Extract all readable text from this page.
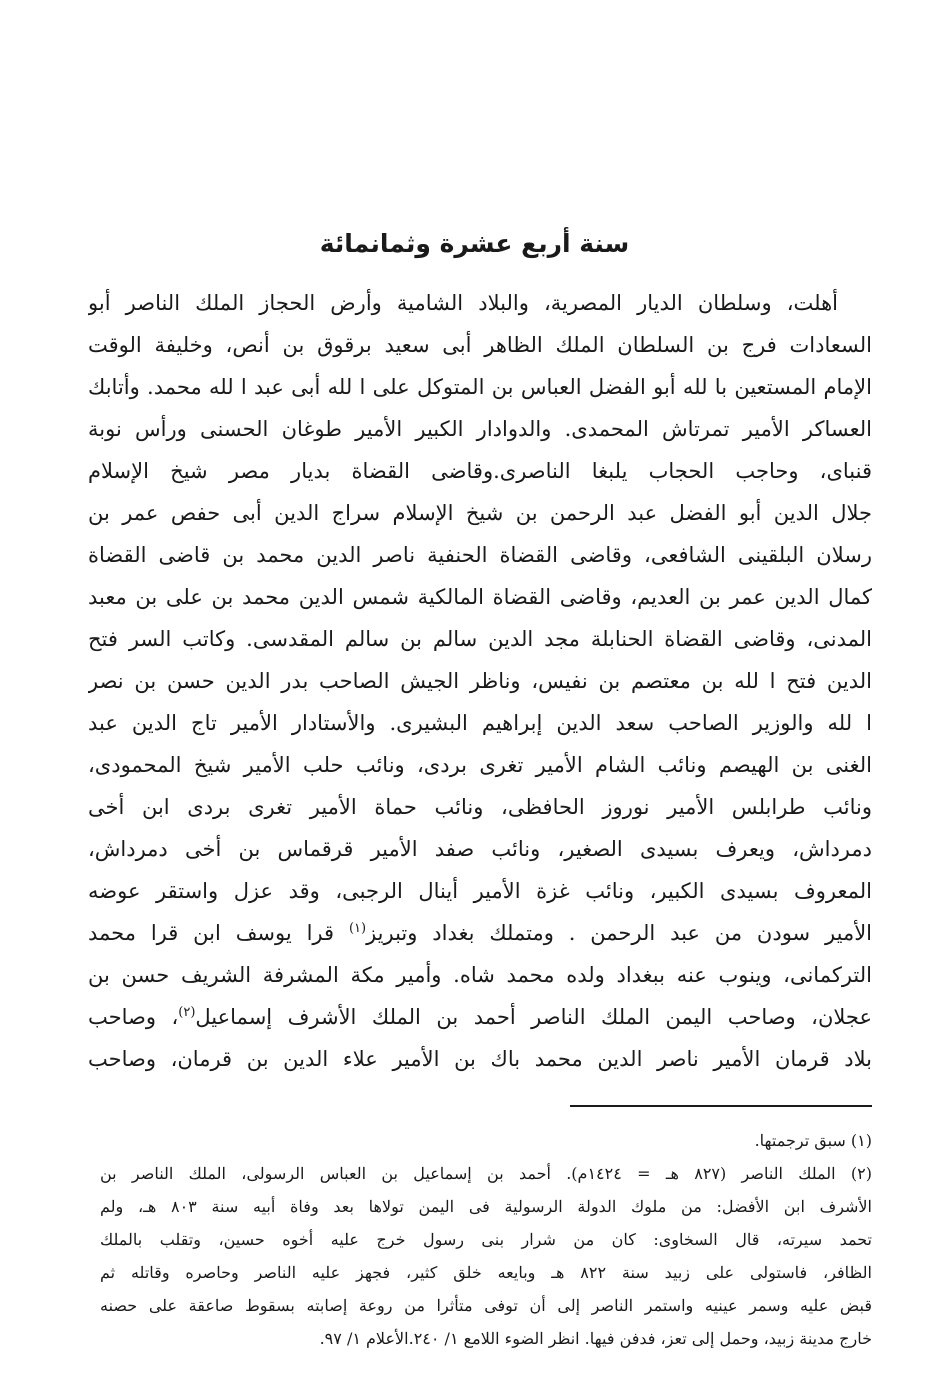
سنة أربع عشرة وثمانمائة
أهلت، وسلطان الديار المصرية، والبلاد الشامية وأرض الحجاز الملك الناصر أبو
السعادات فرج بن السلطان الملك الظاهر أبى سعيد برقوق بن أنص، وخليفة الوقت
الإمام المستعين با لله أبو الفضل العباس بن المتوكل على ا لله أبى عبد ا لله محمد. وأتابك
العساكر الأمير تمرتاش المحمدى. والدوادار الكبير الأمير طوغان الحسنى ورأس نوبة
قنباى، وحاجب الحجاب يلبغا الناصرى.وقاضى القضاة بديار مصر شيخ الإسلام
جلال الدين أبو الفضل عبد الرحمن بن شيخ الإسلام سراج الدين أبى حفص عمر بن
رسلان البلقينى الشافعى، وقاضى القضاة الحنفية ناصر الدين محمد بن قاضى القضاة
كمال الدين عمر بن العديم، وقاضى القضاة المالكية شمس الدين محمد بن على بن معبد
المدنى، وقاضى القضاة الحنابلة مجد الدين سالم بن سالم المقدسى. وكاتب السر فتح
الدين فتح ا لله بن معتصم بن نفيس، وناظر الجيش الصاحب بدر الدين حسن بن نصر
ا لله والوزير الصاحب سعد الدين إبراهيم البشيرى. والأستادار الأمير تاج الدين عبد
الغنى بن الهيصم ونائب الشام الأمير تغرى بردى، ونائب حلب الأمير شيخ المحمودى،
ونائب طرابلس الأمير نوروز الحافظى، ونائب حماة الأمير تغرى بردى ابن أخى
دمرداش، ويعرف بسيدى الصغير، ونائب صفد الأمير قرقماس بن أخى دمرداش،
المعروف بسيدى الكبير، ونائب غزة الأمير أينال الرجبى، وقد عزل واستقر عوضه
الأمير سودن من عبد الرحمن . ومتملك بغداد وتبريز$^{(١)}$ قرا يوسف ابن قرا محمد
التركمانى، وينوب عنه ببغداد ولده محمد شاه. وأمير مكة المشرفة الشريف حسن بن
عجلان، وصاحب اليمن الملك الناصر أحمد بن الملك الأشرف إسماعيل$^{(٢)}$، وصاحب
بلاد قرمان الأمير ناصر الدين محمد باك بن الأمير علاء الدين بن قرمان، وصاحب
(١) سبق ترجمتها.
(٢) الملك الناصر (٨٢٧ هـ = ١٤٢٤م). أحمد بن إسماعيل بن العباس الرسولى، الملك الناصر بن
الأشرف ابن الأفضل: من ملوك الدولة الرسولية فى اليمن تولاها بعد وفاة أبيه سنة ٨٠٣ هـ، ولم
تحمد سيرته، قال السخاوى: كان من شرار بنى رسول خرج عليه أخوه حسين، وتقلب بالملك
الظافر، فاستولى على زبيد سنة ٨٢٢ هـ وبايعه خلق كثير، فجهز عليه الناصر وحاصره وقاتله ثم
قبض عليه وسمر عينيه واستمر الناصر إلى أن توفى متأثرا من روعة إصابته بسقوط صاعقة على حصنه
خارج مدينة زبيد، وحمل إلى تعز، فدفن فيها. انظر الضوء اللامع ١/ ٢٤٠.الأعلام ١/ ٩٧.
